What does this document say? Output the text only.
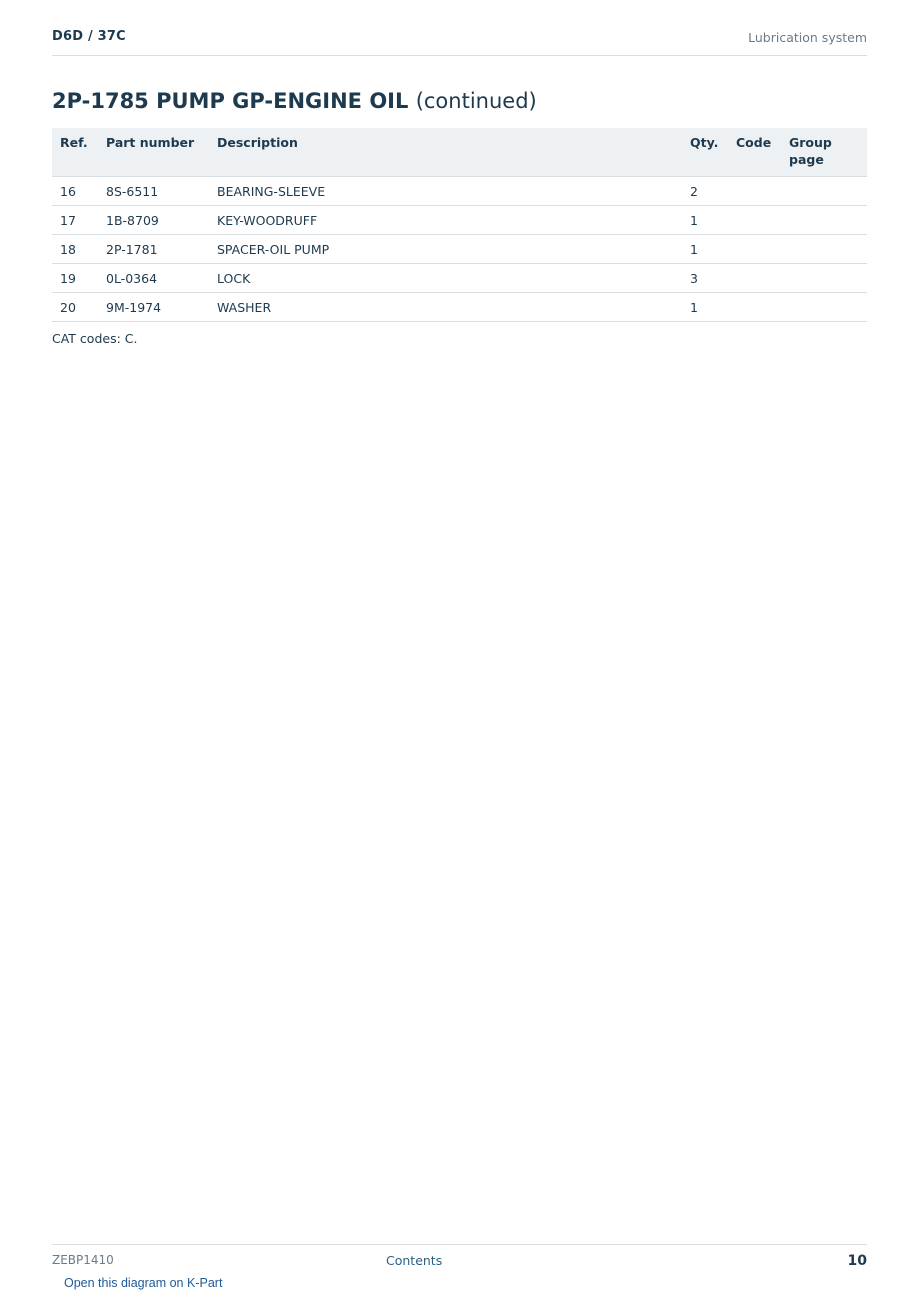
D6D / 37C	Lubrication system
2P-1785 PUMP GP-ENGINE OIL (continued)
Ref.	Part number	Description	Qty.	Code	Group page
16	8S-6511	BEARING-SLEEVE	2		
17	1B-8709	KEY-WOODRUFF	1		
18	2P-1781	SPACER-OIL PUMP	1		
19	0L-0364	LOCK	3		
20	9M-1974	WASHER	1		
CAT codes: C.
ZEBP1410	Contents	10
Open this diagram on K-Part
